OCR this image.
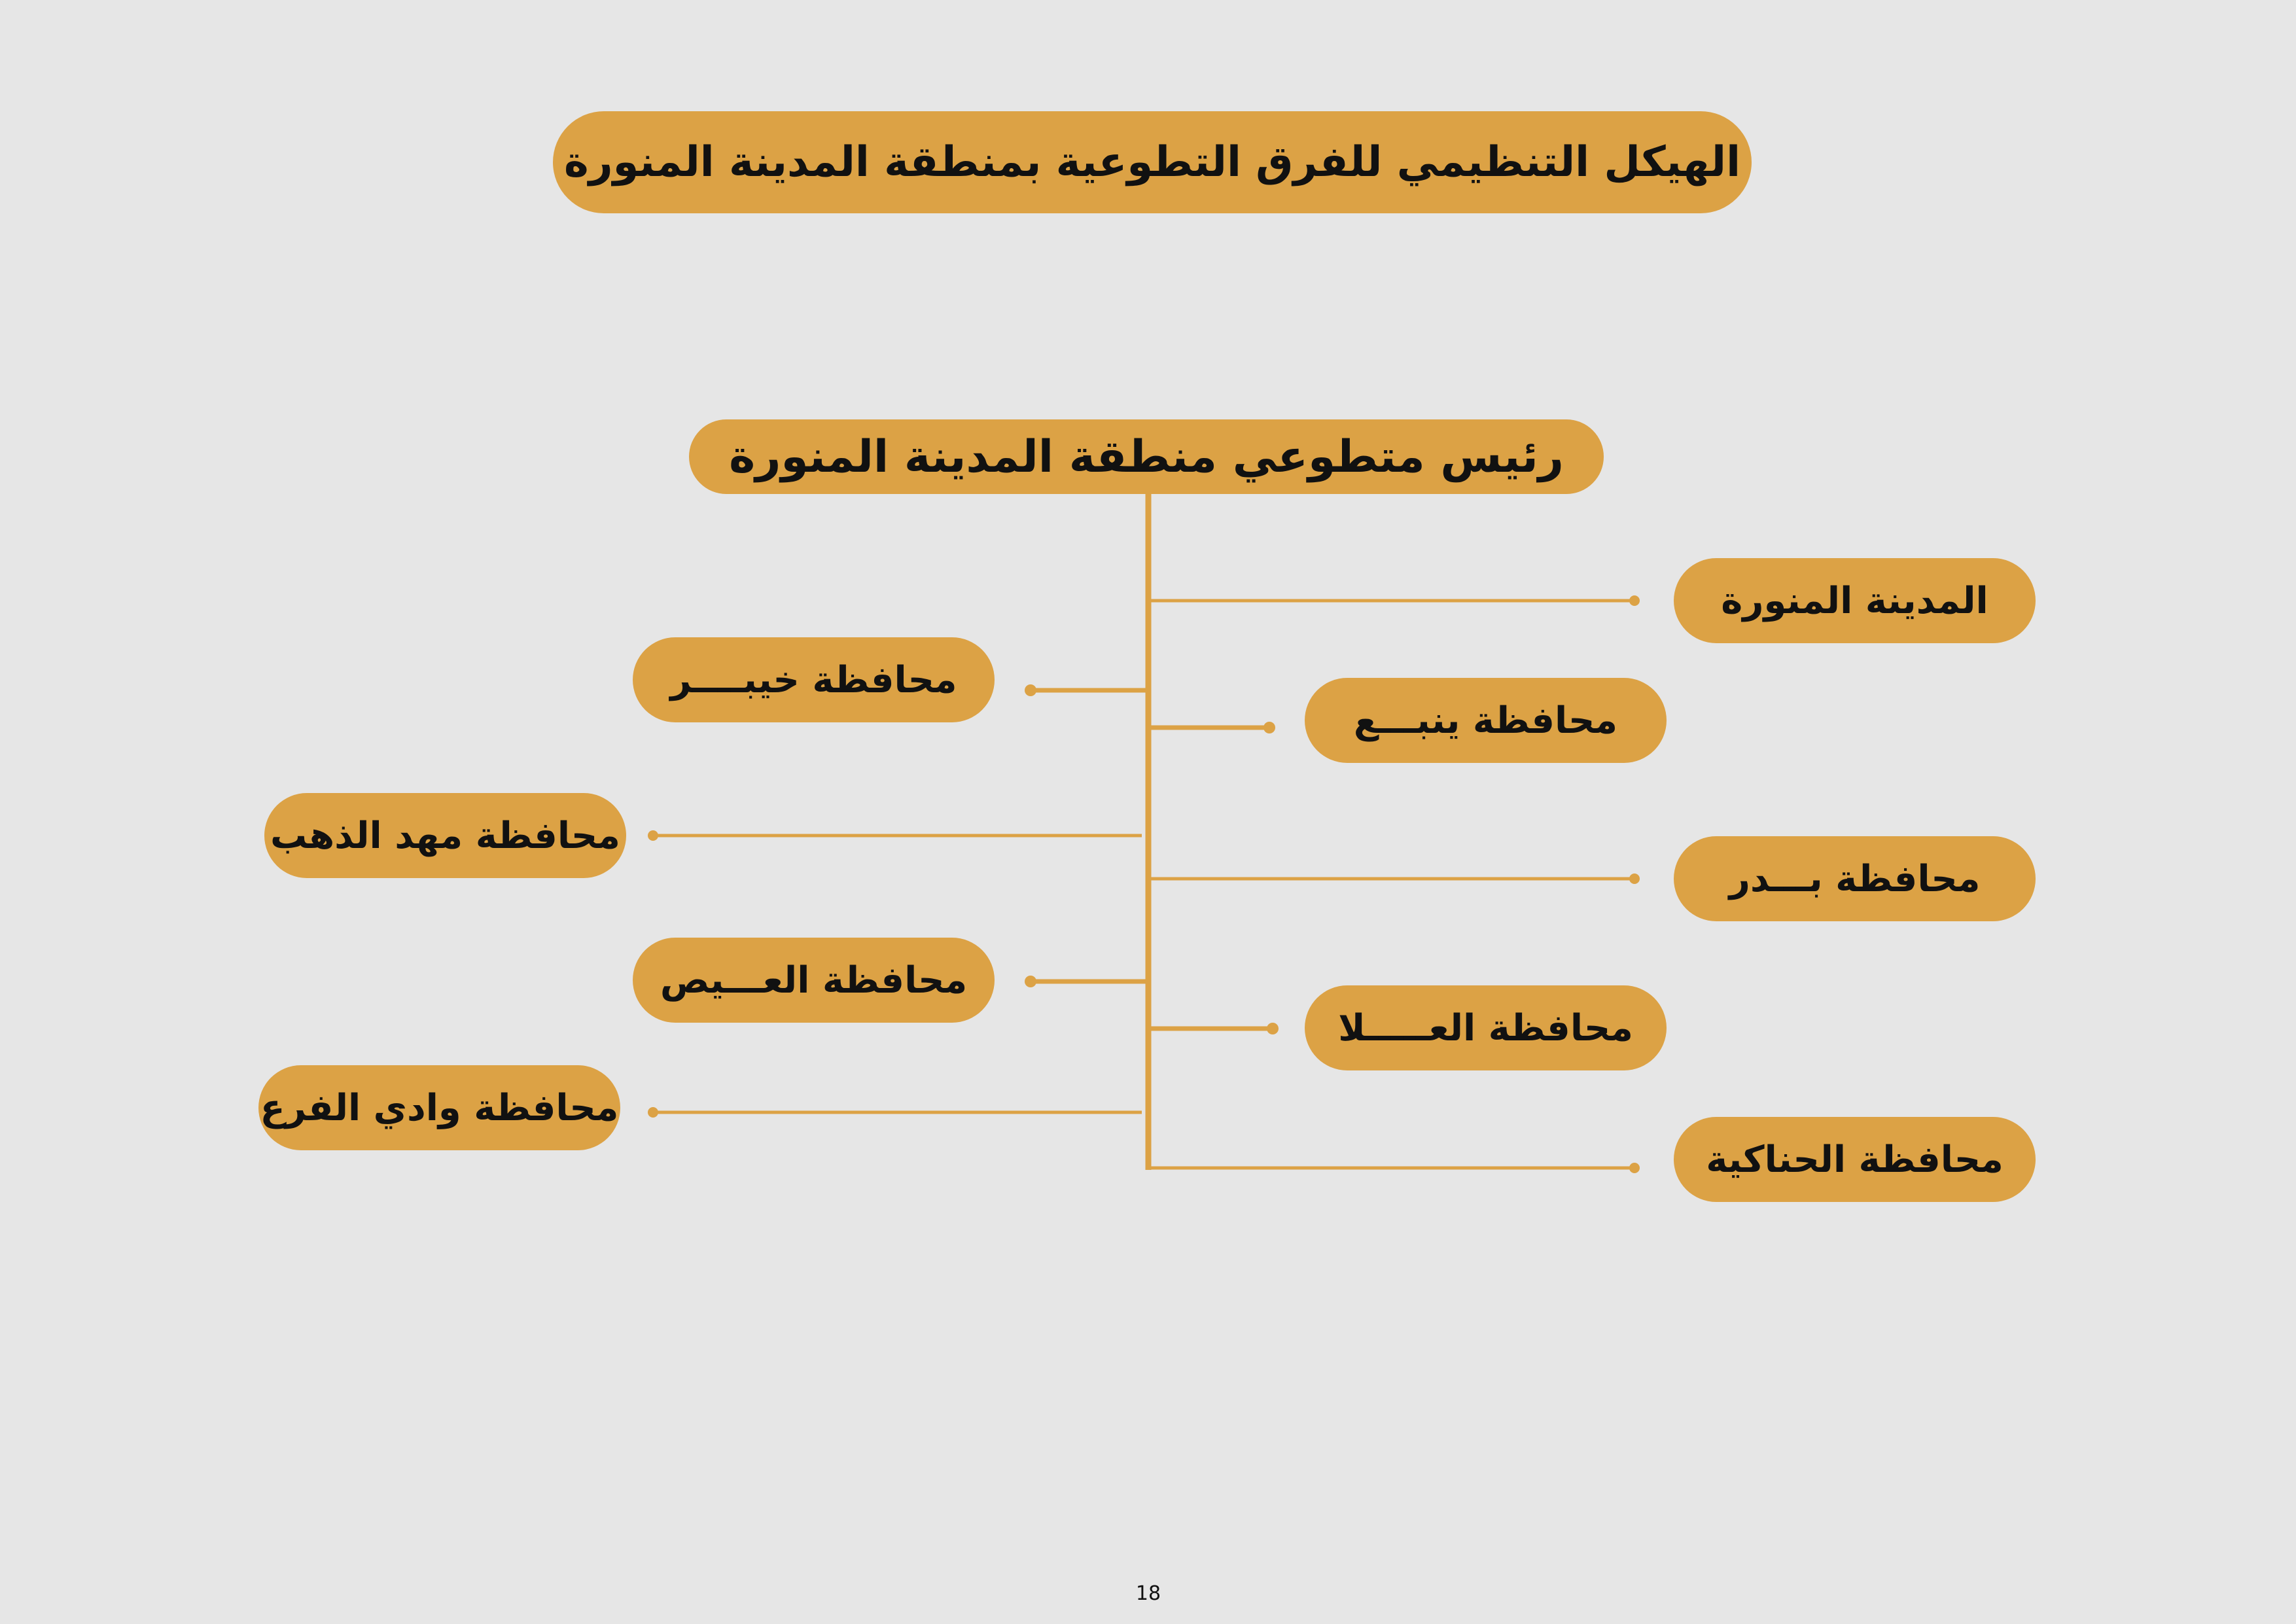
الهيكل التنظيمي للفرق التطوعية بمنطقة المدينة المنورة
رئيس متطوعي منطقة المدينة المنورة
المدينة المنورة
محافظة ينبـــع
محافظة بـــدر
محافظة العـــــلا
محافظة الحناكية
محافظة خيبــــر
محافظة مهد الذهب
محافظة العـــيص
محافظة وادي الفرع
18
